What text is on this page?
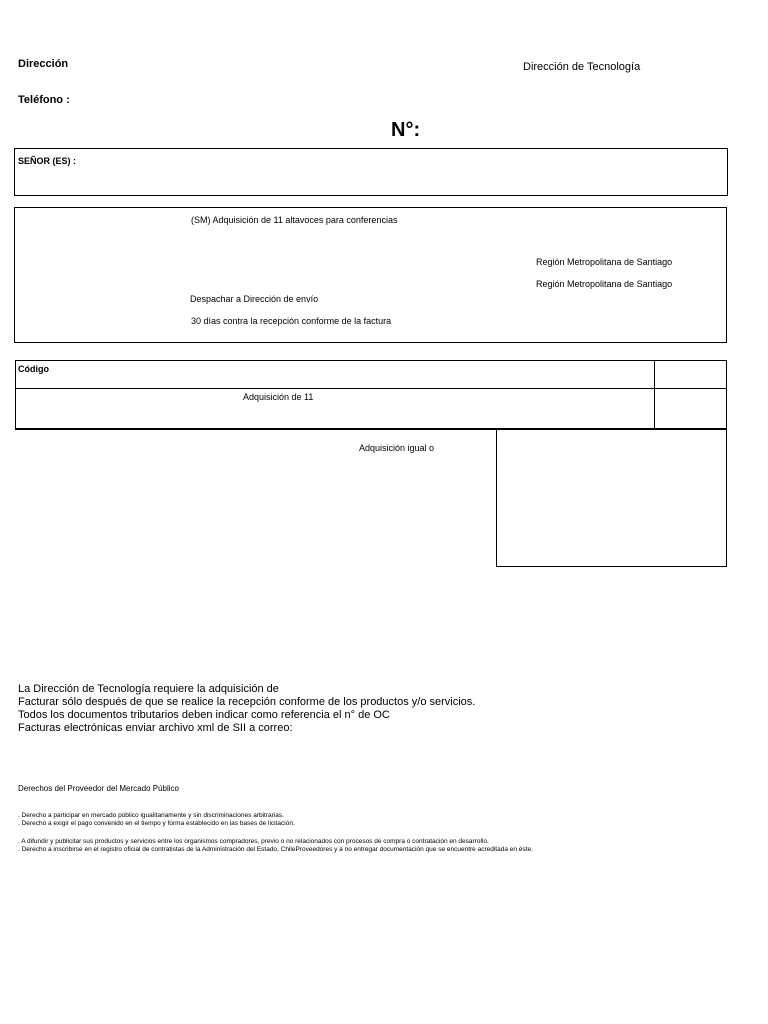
Dirección
Teléfono :
Dirección de Tecnología
N°:
SEÑOR (ES) :
(SM) Adquisición de 11 altavoces para conferencias
Región Metropolitana de Santiago
Región Metropolitana de Santiago
Despachar a Dirección de envío
30 días contra la recepción conforme de la factura
Código
Adquisición de 11
Adquisición igual o
La Dirección de Tecnología requiere la adquisición de
Facturar sólo después de que se realice la recepción conforme de los productos y/o servicios.
Todos los documentos tributarios deben indicar como referencia el n° de OC
Facturas electrónicas enviar archivo xml de SII a correo:
Derechos del Proveedor del Mercado Público
. Derecho a participar en mercado público igualitariamente y sin discriminaciones arbitrarias.
. Derecho a exigir el pago convenido en el tiempo y forma establecido en las bases de licitación.
. A difundir y publicitar sus productos y servicios entre los organismos compradores, previo o no relacionados con procesos de compra o contratación en desarrollo.
. Derecho a inscribirse en el registro oficial de contratistas de la Administración del Estado, ChileProveedores y a no entregar documentación que se encuentre acreditada en éste.
